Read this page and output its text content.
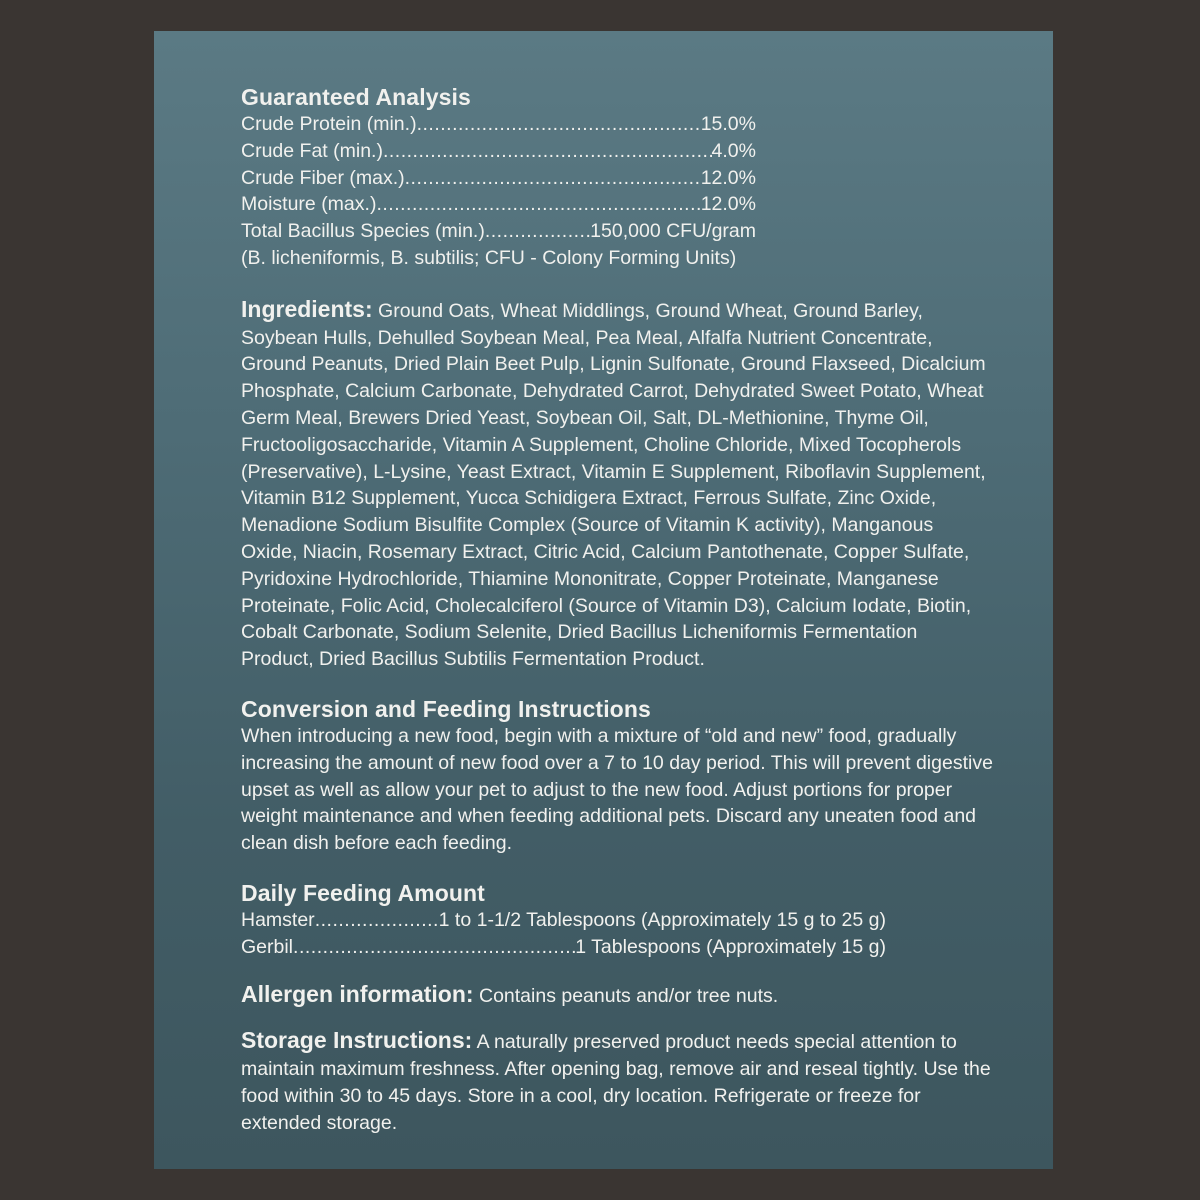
Guaranteed Analysis
Crude Protein (min.) .....	15.0%
Crude Fat (min.) .....	4.0%
Crude Fiber (max.) .....	12.0%
Moisture (max.) .....	12.0%
Total Bacillus Species (min.) .....	150,000 CFU/gram
(B. licheniformis, B. subtilis; CFU - Colony Forming Units)
Ingredients: Ground Oats, Wheat Middlings, Ground Wheat, Ground Barley, Soybean Hulls, Dehulled Soybean Meal, Pea Meal, Alfalfa Nutrient Concentrate, Ground Peanuts, Dried Plain Beet Pulp, Lignin Sulfonate, Ground Flaxseed, Dicalcium Phosphate, Calcium Carbonate, Dehydrated Carrot, Dehydrated Sweet Potato, Wheat Germ Meal, Brewers Dried Yeast, Soybean Oil, Salt, DL-Methionine, Thyme Oil, Fructooligosaccharide, Vitamin A Supplement, Choline Chloride, Mixed Tocopherols (Preservative), L-Lysine, Yeast Extract, Vitamin E Supplement, Riboflavin Supplement, Vitamin B12 Supplement, Yucca Schidigera Extract, Ferrous Sulfate, Zinc Oxide, Menadione Sodium Bisulfite Complex (Source of Vitamin K activity), Manganous Oxide, Niacin, Rosemary Extract, Citric Acid, Calcium Pantothenate, Copper Sulfate, Pyridoxine Hydrochloride, Thiamine Mononitrate, Copper Proteinate, Manganese Proteinate, Folic Acid, Cholecalciferol (Source of Vitamin D3), Calcium Iodate, Biotin, Cobalt Carbonate, Sodium Selenite, Dried Bacillus Licheniformis Fermentation Product, Dried Bacillus Subtilis Fermentation Product.
Conversion and Feeding Instructions
When introducing a new food, begin with a mixture of “old and new” food, gradually increasing the amount of new food over a 7 to 10 day period. This will prevent digestive upset as well as allow your pet to adjust to the new food. Adjust portions for proper weight maintenance and when feeding additional pets. Discard any uneaten food and clean dish before each feeding.
Daily Feeding Amount
Hamster .....	1 to 1-1/2 Tablespoons (Approximately 15 g to 25 g)
Gerbil .....	1 Tablespoons (Approximately 15 g)
Allergen information: Contains peanuts and/or tree nuts.
Storage Instructions: A naturally preserved product needs special attention to maintain maximum freshness. After opening bag, remove air and reseal tightly. Use the food within 30 to 45 days. Store in a cool, dry location. Refrigerate or freeze for extended storage.
